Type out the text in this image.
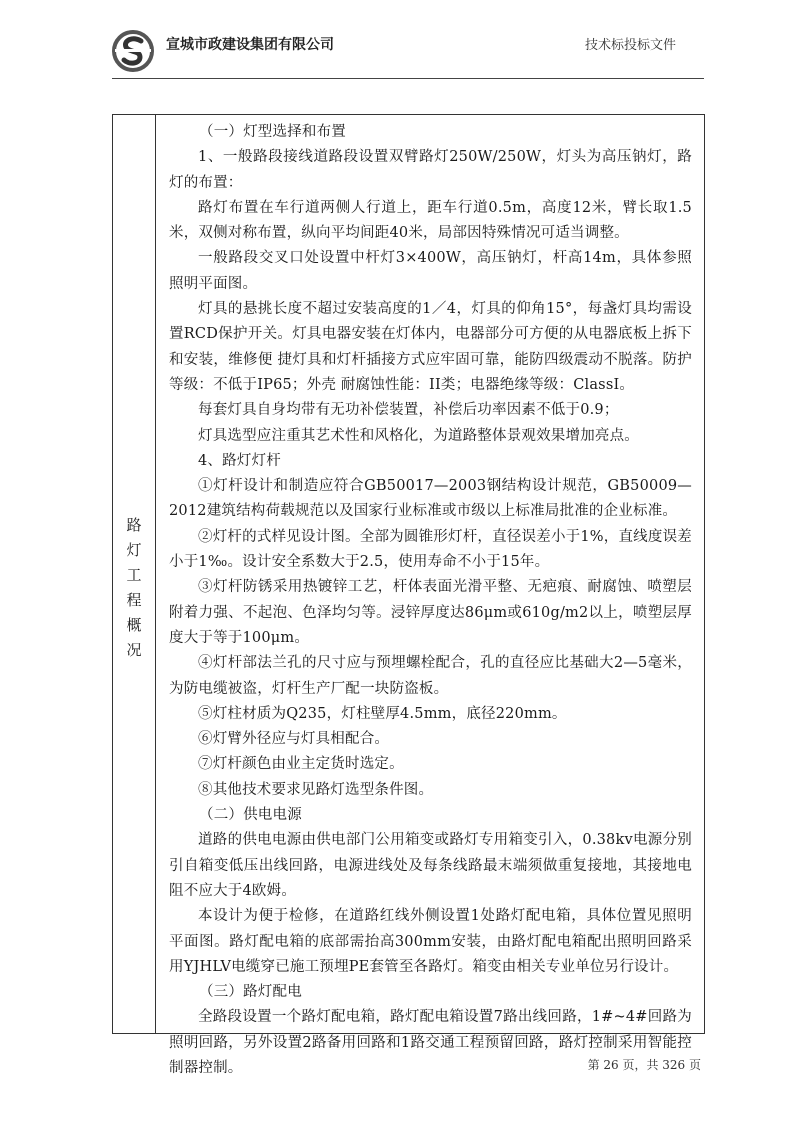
宣城市政建设集团有限公司	技术标投标文件
路
灯
工
程
概
况

（一）灯型选择和布置

1、一般路段接线道路段设置双臂路灯250W/250W，灯头为高压钠灯，路灯的布置：

路灯布置在车行道两侧人行道上，距车行道0.5m，高度12米，臂长取1.5米，双侧对称布置，纵向平均间距40米，局部因特殊情况可适当调整。

一般路段交叉口处设置中杆灯3×400W，高压钠灯，杆高14m，具体参照照明平面图。

灯具的悬挑长度不超过安装高度的1／4，灯具的仰角15°，每盏灯具均需设置RCD保护开关。灯具电器安装在灯体内，电器部分可方便的从电器底板上拆下和安装，维修便 捷灯具和灯杆插接方式应牢固可靠，能防四级震动不脱落。防护等级：不低于IP65；外壳 耐腐蚀性能：II类；电器绝缘等级：ClassI。

每套灯具自身均带有无功补偿装置，补偿后功率因素不低于0.9；

灯具选型应注重其艺术性和风格化，为道路整体景观效果增加亮点。

4、路灯灯杆

①灯杆设计和制造应符合GB50017—2003钢结构设计规范，GB50009—2012建筑结构荷载规范以及国家行业标准或市级以上标准局批准的企业标准。

②灯杆的式样见设计图。全部为圆锥形灯杆，直径误差小于1%，直线度误差小于1‰。设计安全系数大于2.5，使用寿命不小于15年。

③灯杆防锈采用热镀锌工艺，杆体表面光滑平整、无疤痕、耐腐蚀、喷塑层附着力强、不起泡、色泽均匀等。浸锌厚度达86μm或610g/m2以上，喷塑层厚度大于等于100μm。

④灯杆部法兰孔的尺寸应与预埋螺栓配合，孔的直径应比基础大2—5毫米，为防电缆被盗，灯杆生产厂配一块防盗板。

⑤灯柱材质为Q235，灯柱壁厚4.5mm，底径220mm。

⑥灯臂外径应与灯具相配合。

⑦灯杆颜色由业主定货时选定。

⑧其他技术要求见路灯选型条件图。

（二）供电电源

道路的供电电源由供电部门公用箱变或路灯专用箱变引入，0.38kv电源分别引自箱变低压出线回路，电源进线处及每条线路最末端须做重复接地，其接地电阻不应大于4欧姆。

本设计为便于检修，在道路红线外侧设置1处路灯配电箱，具体位置见照明平面图。路灯配电箱的底部需抬高300mm安装，由路灯配电箱配出照明回路采用YJHLV电缆穿已施工预埋PE套管至各路灯。箱变由相关专业单位另行设计。

（三）路灯配电

全路段设置一个路灯配电箱，路灯配电箱设置7路出线回路，1#~4#回路为照明回路，另外设置2路备用回路和1路交通工程预留回路，路灯控制采用智能控制器控制。	第 26 页，共 326 页
